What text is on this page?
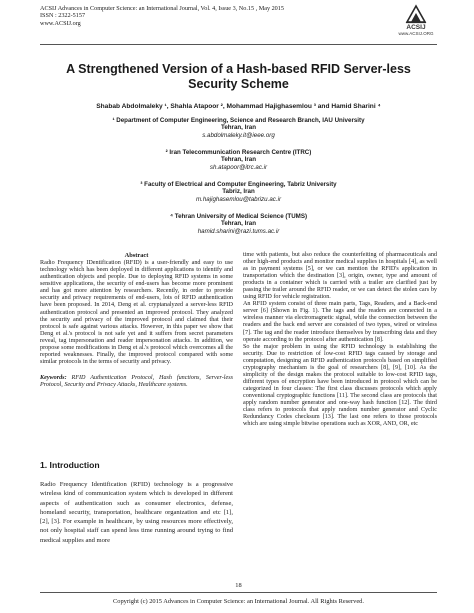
ACSIJ Advances in Computer Science: an International Journal, Vol. 4, Issue 3, No.15 , May 2015
ISSN : 2322-5157
www.ACSIJ.org
ACSIJ
www.ACSIJ.ORG
A Strengthened Version of a Hash-based RFID Server-less
Security Scheme
Shabab Abdolmaleky ¹, Shahla Atapoor ², Mohammad Hajighasemlou ³ and Hamid Sharini ⁴
¹ Department of Computer Engineering, Science and Research Branch, IAU University
Tehran, Iran
s.abdolmaleky.it@ieee.org
² Iran Telecommunication Research Centre (ITRC)
Tehran, Iran
sh.atapoor@itrc.ac.ir
³ Faculty of Electrical and Computer Engineering, Tabriz University
Tabriz, Iran
m.hajighasemlou@tabrizu.ac.ir
⁴ Tehran University of Medical Science (TUMS)
Tehran, Iran
hamid.sharini@razi.tums.ac.ir
Abstract
Radio Frequency IDentification (RFID) is a user-friendly and easy to use technology which has been deployed in different applications to identify and authentication objects and people. Due to deploying RFID systems in some sensitive applications, the security of end-users has become more prominent and has got more attention by researchers. Recently, in order to provide security and privacy requirements of end-users, lots of RFID authentication have been proposed. In 2014, Deng et al. cryptanalyzed a server-less RFID authentication protocol and presented an improved protocol. They analyzed the security and privacy of the improved protocol and claimed that their protocol is safe against various attacks. However, in this paper we show that Deng et al.'s protocol is not safe yet and it suffers from secret parameters reveal, tag impersonation and reader impersonation attacks. In addition, we propose some modifications in Deng et al.'s protocol which overcomes all the reported weaknesses. Finally, the improved protocol compared with some similar protocols in the terms of security and privacy.
Keywords: RFID Authentication Protocol, Hash functions, Server-less Protocol, Security and Privacy Attacks, Healthcare systems.
1. Introduction
Radio Frequency Identification (RFID) technology is a progressive wireless kind of communication system which is developed in different aspects of authentication such as consumer electronics, defense, homeland security, transportation, healthcare organization and etc [1], [2], [3]. For example in healthcare, by using resources more effectively, not only hospital staff can spend less time running around trying to find medical supplies and more

time with patients, but also reduce the counterfeiting of pharmaceuticals and other high-end products and monitor medical supplies in hospitals [4], as well as in payment systems [5], or we can mention the RFID's application in transportation which the destination [3], origin, owner, type and amount of products in a container which is carried with a trailer are clarified just by passing the trailer around the RFID reader, or we can detect the stolen cars by using RFID for vehicle registration.

An RFID system consist of three main parts, Tags, Readers, and a Back-end server [6] (Shown in Fig. 1). The tags and the readers are connected in a wireless manner via electromagnetic signal, while the connection between the readers and the back end server are consisted of two types, wired or wireless [7]. The tag and the reader introduce themselves by transcribing data and they operate according to the protocol after authentication [8].

So the major problem in using the RFID technology is establishing the security. Due to restriction of low-cost RFID tags caused by storage and computation, designing an RFID authentication protocols based on simplified cryptography mechanism is the goal of researchers [8], [9], [10]. As the simplicity of the design makes the protocol suitable to low-cost RFID tags, different types of encryption have been introduced in protocol which can be categorized in four classes: The first class discusses protocols which apply conventional cryptographic functions [11]. The second class are protocols that apply random number generator and one-way hash function [12]. The third class refers to protocols that apply random number generator and Cyclic Redundancy Codes checksum [13]. The last one refers to those protocols which are using simple bitwise operations such as XOR, AND, OR, etc

18
Copyright (c) 2015 Advances in Computer Science: an International Journal. All Rights Reserved.
